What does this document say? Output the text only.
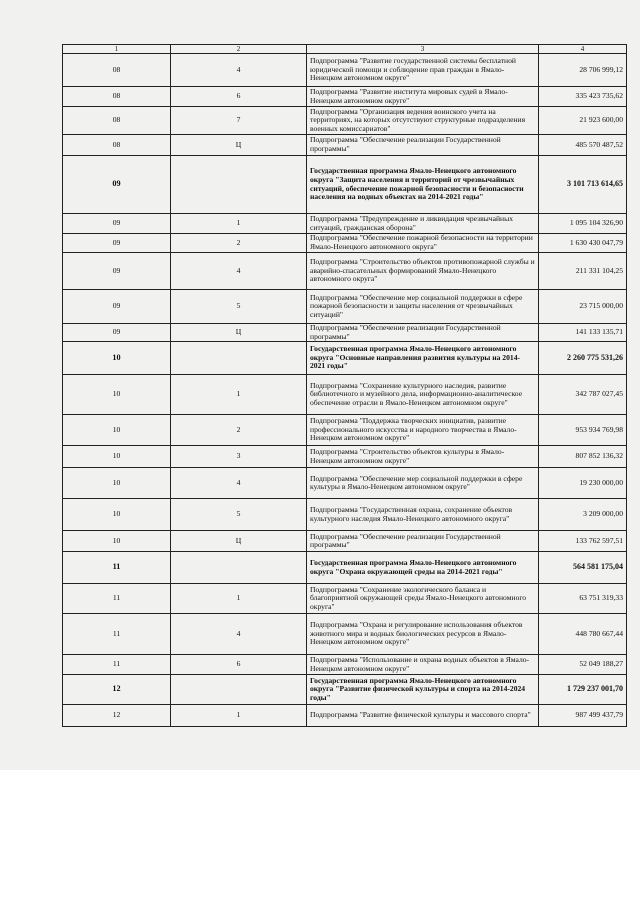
1	2	3	4
08	4	Подпрограмма "Развитие государственной системы бесплатной юридической помощи и соблюдение прав граждан в Ямало-Ненецком автономном округе"	28 706 999,12
08	6	Подпрограмма "Развитие института мировых судей в Ямало-Ненецком автономном округе"	335 423 735,62
08	7	Подпрограмма "Организация ведения воинского учета на территориях, на которых отсутствуют структурные подразделения военных комиссариатов"	21 923 600,00
08	Ц	Подпрограмма "Обеспечение реализации Государственной программы"	485 570 487,52
09		Государственная программа Ямало-Ненецкого автономного округа "Защита населения и территорий от чрезвычайных ситуаций, обеспечение пожарной безопасности и безопасности населения на водных объектах на 2014-2021 годы"	3 101 713 614,65
09	1	Подпрограмма "Предупреждение и ликвидация чрезвычайных ситуаций, гражданская оборона"	1 095 104 326,90
09	2	Подпрограмма "Обеспечение пожарной безопасности на территории Ямало-Ненецкого автономного округа"	1 630 430 047,79
09	4	Подпрограмма "Строительство объектов противопожарной службы и аварийно-спасательных формирований Ямало-Ненецкого автономного округа"	211 331 104,25
09	5	Подпрограмма "Обеспечение мер социальной поддержки в сфере пожарной безопасности и защиты населения от чрезвычайных ситуаций"	23 715 000,00
09	Ц	Подпрограмма "Обеспечение реализации Государственной программы"	141 133 135,71
10		Государственная программа Ямало-Ненецкого автономного округа "Основные направления развития культуры на 2014-2021 годы"	2 260 775 531,26
10	1	Подпрограмма "Сохранение культурного наследия, развитие библиотечного и музейного дела, информационно-аналитическое обеспечение отрасли в Ямало-Ненецком автономном округе"	342 787 027,45
10	2	Подпрограмма "Поддержка творческих инициатив, развитие профессионального искусства и народного творчества в Ямало-Ненецком автономном округе"	953 934 769,98
10	3	Подпрограмма "Строительство объектов культуры в Ямало-Ненецком автономном округе"	807 852 136,32
10	4	Подпрограмма "Обеспечение мер социальной поддержки в сфере культуры в Ямало-Ненецком автономном округе"	19 230 000,00
10	5	Подпрограмма "Государственная охрана, сохранение объектов культурного наследия Ямало-Ненецкого автономного округа"	3 209 000,00
10	Ц	Подпрограмма "Обеспечение реализации Государственной программы"	133 762 597,51
11		Государственная программа Ямало-Ненецкого автономного округа "Охрана окружающей среды на 2014-2021 годы"	564 581 175,04
11	1	Подпрограмма "Сохранение экологического баланса и благоприятной окружающей среды Ямало-Ненецкого автономного округа"	63 751 319,33
11	4	Подпрограмма "Охрана и регулирование использования объектов животного мира и водных биологических ресурсов в Ямало-Ненецком автономном округе"	448 780 667,44
11	6	Подпрограмма "Использование и охрана водных объектов в Ямало-Ненецком автономном округе"	52 049 188,27
12		Государственная программа Ямало-Ненецкого автономного округа "Развитие физической культуры и спорта на 2014-2024 годы"	1 729 237 001,70
12	1	Подпрограмма "Развитие физической культуры и массового спорта"	987 499 437,79
